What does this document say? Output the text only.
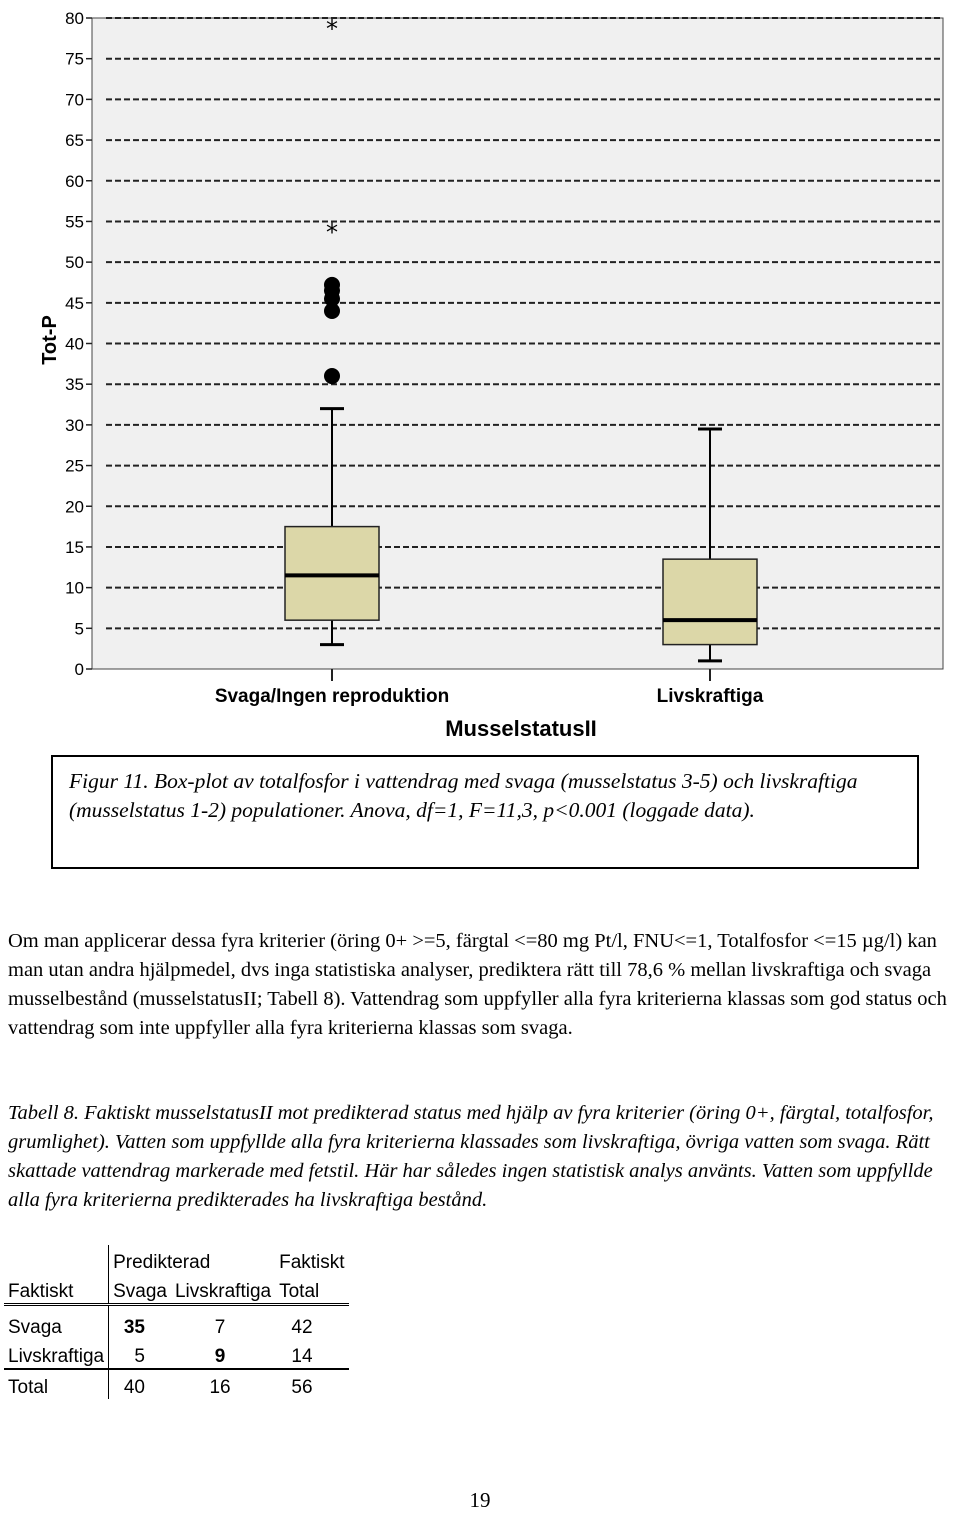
0
5
10
15
20
25
30
35
40
45
50
55
60
65
70
75
80
Svaga/Ingen reproduktion	Livskraftiga
Tot-P
MusselstatusII
*
*
Figur 11. Box-plot av totalfosfor i vattendrag med svaga (musselstatus 3-5) och livskraftiga (musselstatus 1-2) populationer. Anova, df=1, F=11,3, p<0.001 (loggade data).
Om man applicerar dessa fyra kriterier (öring 0+ >=5, färgtal <=80 mg Pt/l, FNU<=1, Totalfosfor <=15 µg/l) kan man utan andra hjälpmedel, dvs inga statistiska analyser, prediktera rätt till 78,6 % mellan livskraftiga och svaga musselbestånd (musselstatusII; Tabell 8). Vattendrag som uppfyller alla fyra kriterierna klassas som god status och vattendrag som inte uppfyller alla fyra kriterierna klassas som svaga.
Tabell 8. Faktiskt musselstatusII mot predikterad status med hjälp av fyra kriterier (öring 0+, färgtal, totalfosfor, grumlighet). Vatten som uppfyllde alla fyra kriterierna klassades som livskraftiga, övriga vatten som svaga. Rätt skattade vattendrag markerade med fetstil. Här har således ingen statistisk analys använts. Vatten som uppfyllde alla fyra kriterierna predikterades ha livskraftiga bestånd.
	Predikterad		Faktiskt
Faktiskt	Svaga	Livskraftiga	Total
Svaga	35	7	42
Livskraftiga	5	9	14
Total	40	16	56
19
